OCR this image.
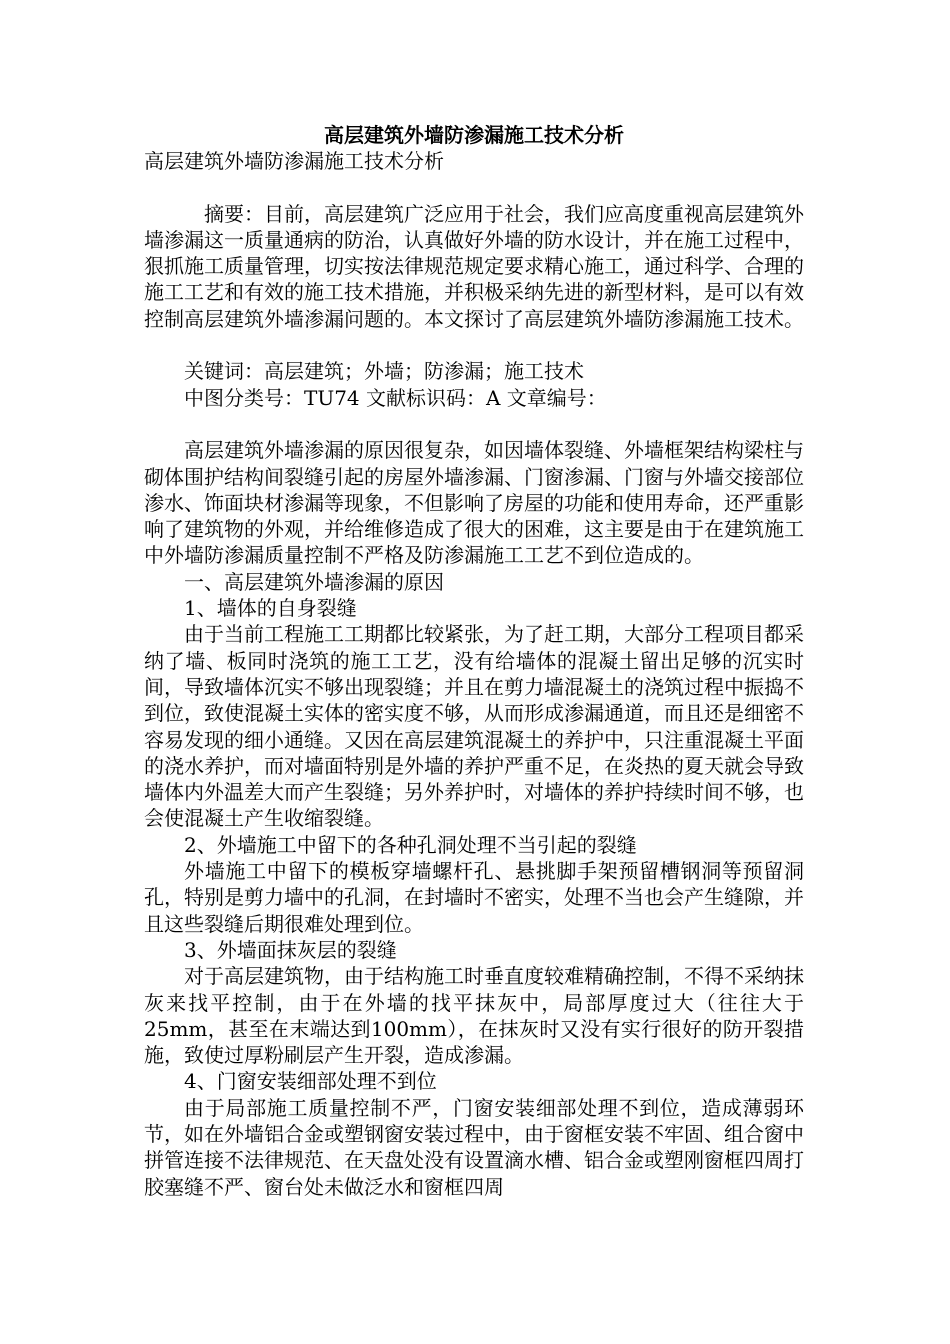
高层建筑外墙防渗漏施工技术分析

高层建筑外墙防渗漏施工技术分析

摘要：目前，高层建筑广泛应用于社会，我们应高度重视高层建筑外墙渗漏这一质量通病的防治，认真做好外墙的防水设计，并在施工过程中，狠抓施工质量管理，切实按法律规范规定要求精心施工，通过科学、合理的施工工艺和有效的施工技术措施，并积极采纳先进的新型材料，是可以有效控制高层建筑外墙渗漏问题的。本文探讨了高层建筑外墙防渗漏施工技术。

关键词：高层建筑；外墙；防渗漏；施工技术

中图分类号：TU74 文献标识码：A 文章编号：

高层建筑外墙渗漏的原因很复杂，如因墙体裂缝、外墙框架结构梁柱与砌体围护结构间裂缝引起的房屋外墙渗漏、门窗渗漏、门窗与外墙交接部位渗水、饰面块材渗漏等现象，不但影响了房屋的功能和使用寿命，还严重影响了建筑物的外观，并给维修造成了很大的困难，这主要是由于在建筑施工中外墙防渗漏质量控制不严格及防渗漏施工工艺不到位造成的。

一、高层建筑外墙渗漏的原因

1、墙体的自身裂缝

由于当前工程施工工期都比较紧张，为了赶工期，大部分工程项目都采纳了墙、板同时浇筑的施工工艺，没有给墙体的混凝土留出足够的沉实时间，导致墙体沉实不够出现裂缝；并且在剪力墙混凝土的浇筑过程中振捣不到位，致使混凝土实体的密实度不够，从而形成渗漏通道，而且还是细密不容易发现的细小通缝。又因在高层建筑混凝土的养护中，只注重混凝土平面的浇水养护，而对墙面特别是外墙的养护严重不足，在炎热的夏天就会导致墙体内外温差大而产生裂缝；另外养护时，对墙体的养护持续时间不够，也会使混凝土产生收缩裂缝。

2、外墙施工中留下的各种孔洞处理不当引起的裂缝

外墙施工中留下的模板穿墙螺杆孔、悬挑脚手架预留槽钢洞等预留洞孔，特别是剪力墙中的孔洞，在封墙时不密实，处理不当也会产生缝隙，并且这些裂缝后期很难处理到位。

3、外墙面抹灰层的裂缝

对于高层建筑物，由于结构施工时垂直度较难精确控制，不得不采纳抹灰来找平控制，由于在外墙的找平抹灰中，局部厚度过大（往往大于25mm，甚至在末端达到100mm），在抹灰时又没有实行很好的防开裂措施，致使过厚粉刷层产生开裂，造成渗漏。

4、门窗安装细部处理不到位

由于局部施工质量控制不严，门窗安装细部处理不到位，造成薄弱环节，如在外墙铝合金或塑钢窗安装过程中，由于窗框安装不牢固、组合窗中拼管连接不法律规范、在天盘处没有设置滴水槽、铝合金或塑刚窗框四周打胶塞缝不严、窗台处未做泛水和窗框四周
